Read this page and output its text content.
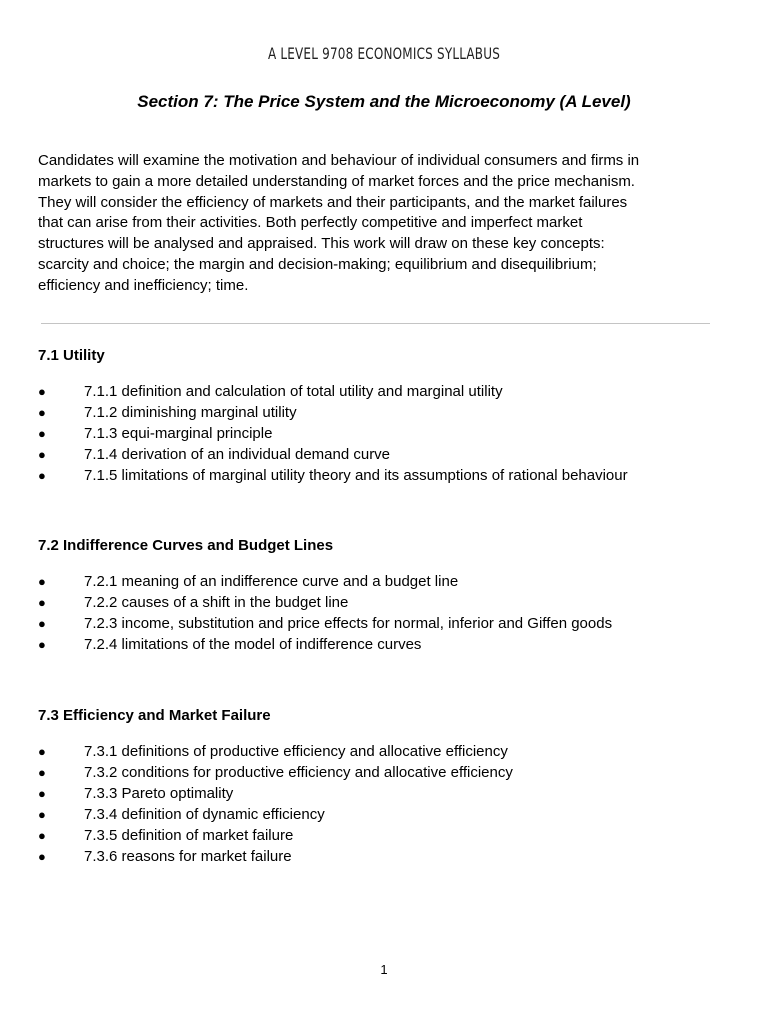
A LEVEL 9708 ECONOMICS SYLLABUS
Section 7: The Price System and the Microeconomy (A Level)
Candidates will examine the motivation and behaviour of individual consumers and firms in
markets to gain a more detailed understanding of market forces and the price mechanism.
They will consider the efficiency of markets and their participants, and the market failures
that can arise from their activities. Both perfectly competitive and imperfect market
structures will be analysed and appraised. This work will draw on these key concepts:
scarcity and choice; the margin and decision-making; equilibrium and disequilibrium;
efficiency and inefficiency; time.
7.1 Utility
●	7.1.1 definition and calculation of total utility and marginal utility
●	7.1.2 diminishing marginal utility
●	7.1.3 equi-marginal principle
●	7.1.4 derivation of an individual demand curve
●	7.1.5 limitations of marginal utility theory and its assumptions of rational behaviour
7.2 Indifference Curves and Budget Lines
●	7.2.1 meaning of an indifference curve and a budget line
●	7.2.2 causes of a shift in the budget line
●	7.2.3 income, substitution and price effects for normal, inferior and Giffen goods
●	7.2.4 limitations of the model of indifference curves
7.3 Efficiency and Market Failure
●	7.3.1 definitions of productive efficiency and allocative efficiency
●	7.3.2 conditions for productive efficiency and allocative efficiency
●	7.3.3 Pareto optimality
●	7.3.4 definition of dynamic efficiency
●	7.3.5 definition of market failure
●	7.3.6 reasons for market failure
1
